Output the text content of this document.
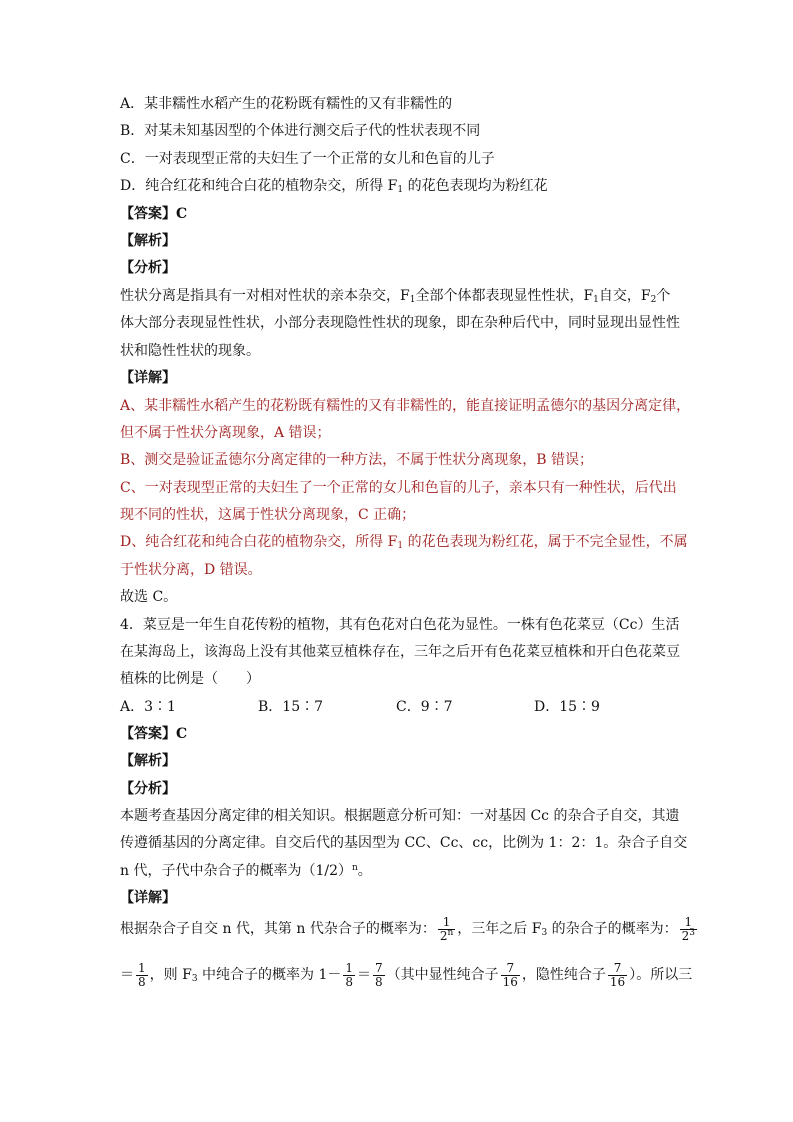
A．某非糯性水稻产生的花粉既有糯性的又有非糯性的
B．对某未知基因型的个体进行测交后子代的性状表现不同
C．一对表现型正常的夫妇生了一个正常的女儿和色盲的儿子
D．纯合红花和纯合白花的植物杂交，所得 $F_1$ 的花色表现均为粉红花
【答案】C
【解析】
【分析】
性状分离是指具有一对相对性状的亲本杂交，$F_1$全部个体都表现显性性状，$F_1$自交，$F_2$个
体大部分表现显性性状，小部分表现隐性性状的现象，即在杂种后代中，同时显现出显性性
状和隐性性状的现象。
【详解】
A、某非糯性水稻产生的花粉既有糯性的又有非糯性的，能直接证明孟德尔的基因分离定律，
但不属于性状分离现象，A 错误；
B、测交是验证孟德尔分离定律的一种方法，不属于性状分离现象，B 错误；
C、一对表现型正常的夫妇生了一个正常的女儿和色盲的儿子，亲本只有一种性状，后代出
现不同的性状，这属于性状分离现象，C 正确；
D、纯合红花和纯合白花的植物杂交，所得 $F_1$ 的花色表现为粉红花，属于不完全显性，不属
于性状分离，D 错误。
故选 C。
4．菜豆是一年生自花传粉的植物，其有色花对白色花为显性。一株有色花菜豆（Cc）生活
在某海岛上，该海岛上没有其他菜豆植株存在，三年之后开有色花菜豆植株和开白色花菜豆
植株的比例是（　　）
A．3∶1	B．15∶7	C．9∶7	D．15∶9
【答案】C
【解析】
【分析】
本题考查基因分离定律的相关知识。根据题意分析可知：一对基因 Cc 的杂合子自交，其遗
传遵循基因的分离定律。自交后代的基因型为 CC、Cc、cc，比例为 1：2：1。杂合子自交
n 代，子代中杂合子的概率为$(1/2)^n$。
【详解】
根据杂合子自交 n 代，其第 n 代杂合子的概率为： $\frac{1}{2^n}$ ，三年之后 $F_3$ 的杂合子的概率为： $\frac{1}{2^3}$
＝ $\frac{1}{8}$ ，则 $F_3$ 中纯合子的概率为 $1- \frac{1}{8} = \frac{7}{8}$ （其中显性纯合子 $\frac{7}{16}$ ，隐性纯合子 $\frac{7}{16}$ ）。所以三
